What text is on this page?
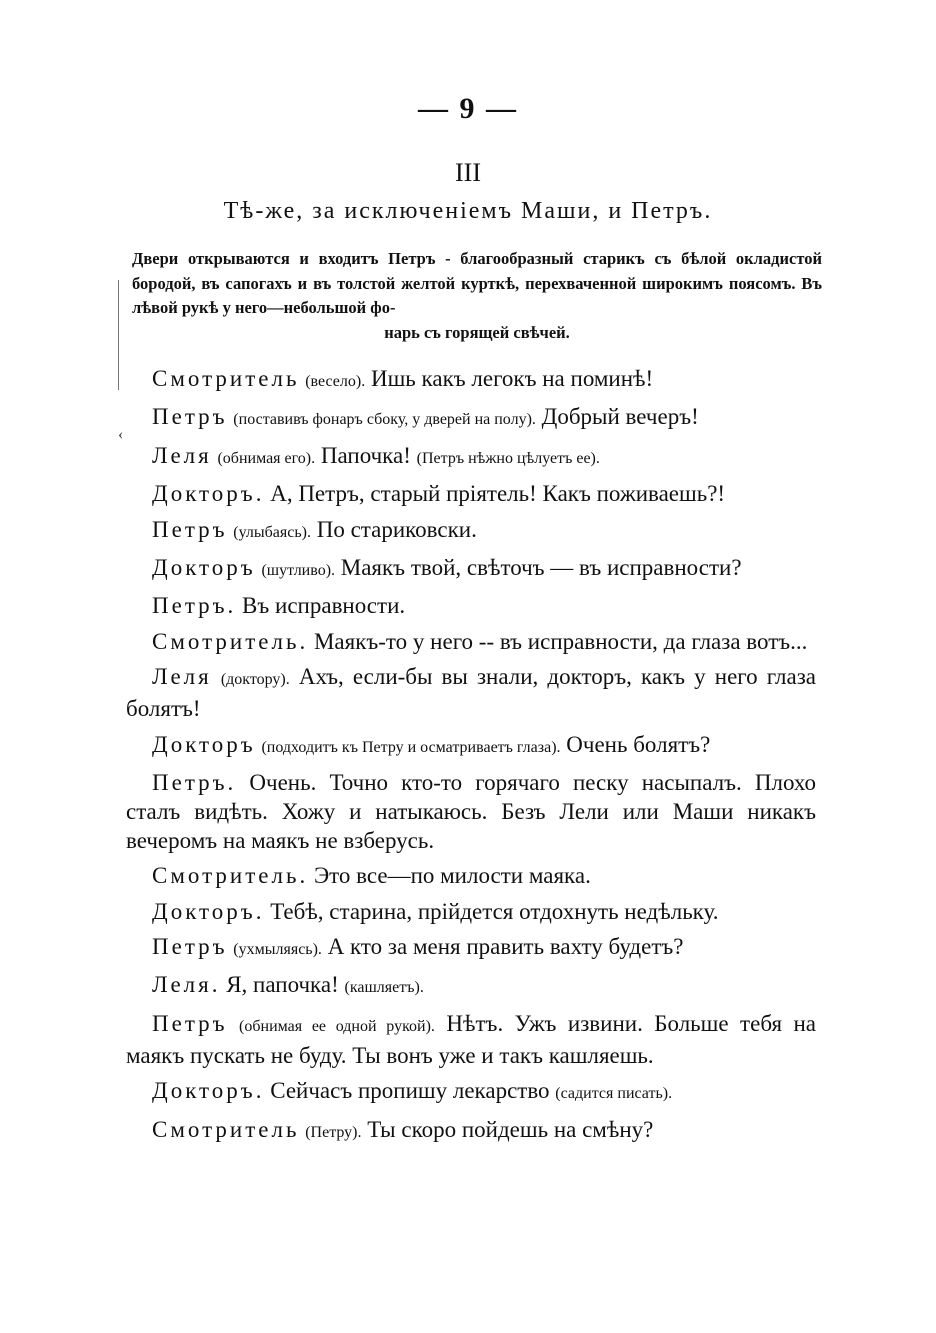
— 9 —
III
Тѣ-же, за исключеніемъ Маши, и Петръ.
‹
Двери открываются и входитъ Петръ - благообразный старикъ съ бѣлой окладистой бородой, въ сапогахъ и въ толстой желтой курткѣ, перехваченной широкимъ поясомъ. Въ лѣвой рукѣ у него—небольшой фо-
нарь съ горящей свѣчей.
Смотритель (весело). Ишь какъ легокъ на поминѣ!
Петръ (поставивъ фонаръ сбоку, у дверей на полу). Добрый вечеръ!
Леля (обнимая его). Папочка! (Петръ нѣжно цѣлуетъ ее).
Докторъ. А, Петръ, старый пріятель! Какъ поживаешь?!
Петръ (улыбаясь). По стариковски.
Докторъ (шутливо). Маякъ твой, свѣточъ — въ исправности?
Петръ. Въ исправности.
Смотритель. Маякъ-то у него -- въ исправности, да глаза вотъ...
Леля (доктору). Ахъ, если-бы вы знали, докторъ, какъ у него глаза болятъ!
Докторъ (подходитъ къ Петру и осматриваетъ глаза). Очень болятъ?
Петръ. Очень. Точно кто-то горячаго песку насыпалъ. Плохо сталъ видѣть. Хожу и натыкаюсь. Безъ Лели или Маши никакъ вечеромъ на маякъ не взберусь.
Смотритель. Это все—по милости маяка.
Докторъ. Тебѣ, старина, прійдется отдохнуть недѣльку.
Петръ (ухмыляясь). А кто за меня править вахту будетъ?
Леля. Я, папочка! (кашляетъ).
Петръ (обнимая ее одной рукой). Нѣтъ. Ужъ извини. Больше тебя на маякъ пускать не буду. Ты вонъ уже и такъ кашляешь.
Докторъ. Сейчасъ пропишу лекарство (садится писать).
Смотритель (Петру). Ты скоро пойдешь на смѣну?
